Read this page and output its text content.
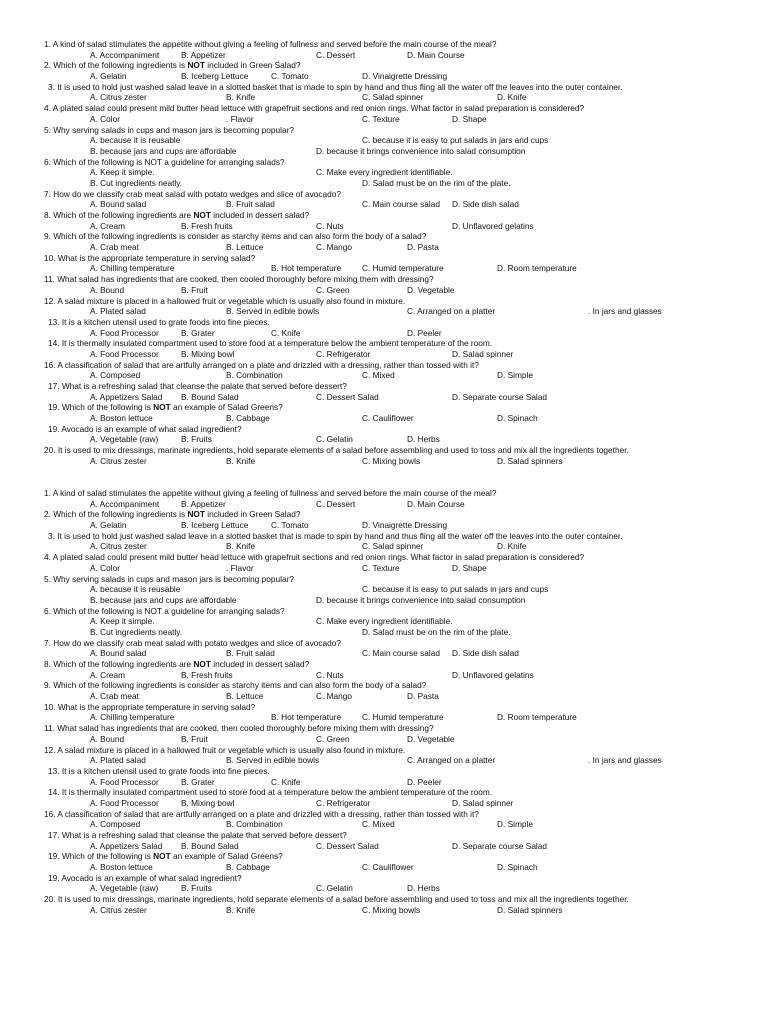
1. A kind of salad stimulates the appetite without giving a feeling of fullness and served before the main course of the meal?
A. Accompaniment	B. Appetizer	C. Dessert	D. Main Course
2. Which of the following ingredients is NOT included in Green Salad?
A. Gelatin	B. Iceberg Lettuce	C. Tomato	D. Vinaigrette Dressing
3. It is used to hold just washed salad leave in a slotted basket that is made to spin by hand and thus fling all the water off the leaves into the outer container.
A. Citrus zester	B. Knife	C. Salad spinner	D. Knife
4. A plated salad could present mild butter head lettuce with grapefruit sections and red onion rings. What factor in salad preparation is considered?
A. Color	. Flavor	C. Texture	D. Shape
5. Why serving salads in cups and mason jars is becoming popular?
A. because it is reusable	C. because it is easy to put salads in jars and cups
B. because jars and cups are affordable	D. because it brings convenience into salad consumption
6. Which of the following is NOT a guideline for arranging salads?
A. Keep it simple.	C. Make every ingredient identifiable.
B. Cut ingredients neatly.	D. Salad must be on the rim of the plate.
7. How do we classify crab meat salad with potato wedges and slice of avocado?
A. Bound salad	B. Fruit salad	C. Main course salad D. Side dish salad
8. Which of the following ingredients are NOT included in dessert salad?
A. Cream	B. Fresh fruits	C. Nuts	D. Unflavored gelatins
9. Which of the following ingredients is consider as starchy items and can also form the body of a salad?
A. Crab meat	B. Lettuce	C. Mango	D. Pasta
10. What is the appropriate temperature in serving salad?
A. Chilling temperature	B. Hot temperature	C. Humid temperature	D. Room temperature
11. What salad has ingredients that are cooked, then cooled thoroughly before mixing them with dressing?
A. Bound	B. Fruit	C. Green	D. Vegetable
12. A salad mixture is placed in a hallowed fruit or vegetable which is usually also found in mixture.
A. Plated salad	B. Served in edible bowls	C. Arranged on a platter	. In jars and glasses
13. It is a kitchen utensil used to grate foods into fine pieces.
A. Food Processor	B. Grater	C. Knife	D. Peeler
14. It is thermally insulated compartment used to store food at a temperature below the ambient temperature of the room.
A. Food Processor	B. Mixing bowl	C. Refrigerator	D. Salad spinner
16. A classification of salad that are artfully arranged on a plate and drizzled with a dressing, rather than tossed with it?
A. Composed	B. Combination	C. Mixed	D. Simple
17. What is a refreshing salad that cleanse the palate that served before dessert?
A. Appetizers Salad B. Bound Salad	C. Dessert Salad	D. Separate course Salad
19. Which of the following is NOT an example of Salad Greens?
A. Boston lettuce	B. Cabbage	C. Cauliflower	D. Spinach
19. Avocado is an example of what salad ingredient?
A. Vegetable (raw)	B. Fruits	C. Gelatin	D. Herbs
20. It is used to mix dressings, marinate ingredients, hold separate elements of a salad before assembling and used to toss and mix all the ingredients together.
A. Citrus zester	B. Knife	C. Mixing bowls	D. Salad spinners
1. A kind of salad stimulates the appetite without giving a feeling of fullness and served before the main course of the meal?
A. Accompaniment	B. Appetizer	C. Dessert	D. Main Course
2. Which of the following ingredients is NOT included in Green Salad?
A. Gelatin	B. Iceberg Lettuce	C. Tomato	D. Vinaigrette Dressing
3. It is used to hold just washed salad leave in a slotted basket that is made to spin by hand and thus fling all the water off the leaves into the outer container.
A. Citrus zester	B. Knife	C. Salad spinner	D. Knife
4. A plated salad could present mild butter head lettuce with grapefruit sections and red onion rings. What factor in salad preparation is considered?
A. Color	. Flavor	C. Texture	D. Shape
5. Why serving salads in cups and mason jars is becoming popular?
A. because it is reusable	C. because it is easy to put salads in jars and cups
B. because jars and cups are affordable	D. because it brings convenience into salad consumption
6. Which of the following is NOT a guideline for arranging salads?
A. Keep it simple.	C. Make every ingredient identifiable.
B. Cut ingredients neatly.	D. Salad must be on the rim of the plate.
7. How do we classify crab meat salad with potato wedges and slice of avocado?
A. Bound salad	B. Fruit salad	C. Main course salad D. Side dish salad
8. Which of the following ingredients are NOT included in dessert salad?
A. Cream	B. Fresh fruits	C. Nuts	D. Unflavored gelatins
9. Which of the following ingredients is consider as starchy items and can also form the body of a salad?
A. Crab meat	B. Lettuce	C. Mango	D. Pasta
10. What is the appropriate temperature in serving salad?
A. Chilling temperature	B. Hot temperature	C. Humid temperature	D. Room temperature
11. What salad has ingredients that are cooked, then cooled thoroughly before mixing them with dressing?
A. Bound	B. Fruit	C. Green	D. Vegetable
12. A salad mixture is placed in a hallowed fruit or vegetable which is usually also found in mixture.
A. Plated salad	B. Served in edible bowls	C. Arranged on a platter	. In jars and glasses
13. It is a kitchen utensil used to grate foods into fine pieces.
A. Food Processor	B. Grater	C. Knife	D. Peeler
14. It is thermally insulated compartment used to store food at a temperature below the ambient temperature of the room.
A. Food Processor	B. Mixing bowl	C. Refrigerator	D. Salad spinner
16. A classification of salad that are artfully arranged on a plate and drizzled with a dressing, rather than tossed with it?
A. Composed	B. Combination	C. Mixed	D. Simple
17. What is a refreshing salad that cleanse the palate that served before dessert?
A. Appetizers Salad B. Bound Salad	C. Dessert Salad	D. Separate course Salad
19. Which of the following is NOT an example of Salad Greens?
A. Boston lettuce	B. Cabbage	C. Cauliflower	D. Spinach
19. Avocado is an example of what salad ingredient?
A. Vegetable (raw)	B. Fruits	C. Gelatin	D. Herbs
20. It is used to mix dressings, marinate ingredients, hold separate elements of a salad before assembling and used to toss and mix all the ingredients together.
A. Citrus zester	B. Knife	C. Mixing bowls	D. Salad spinners
